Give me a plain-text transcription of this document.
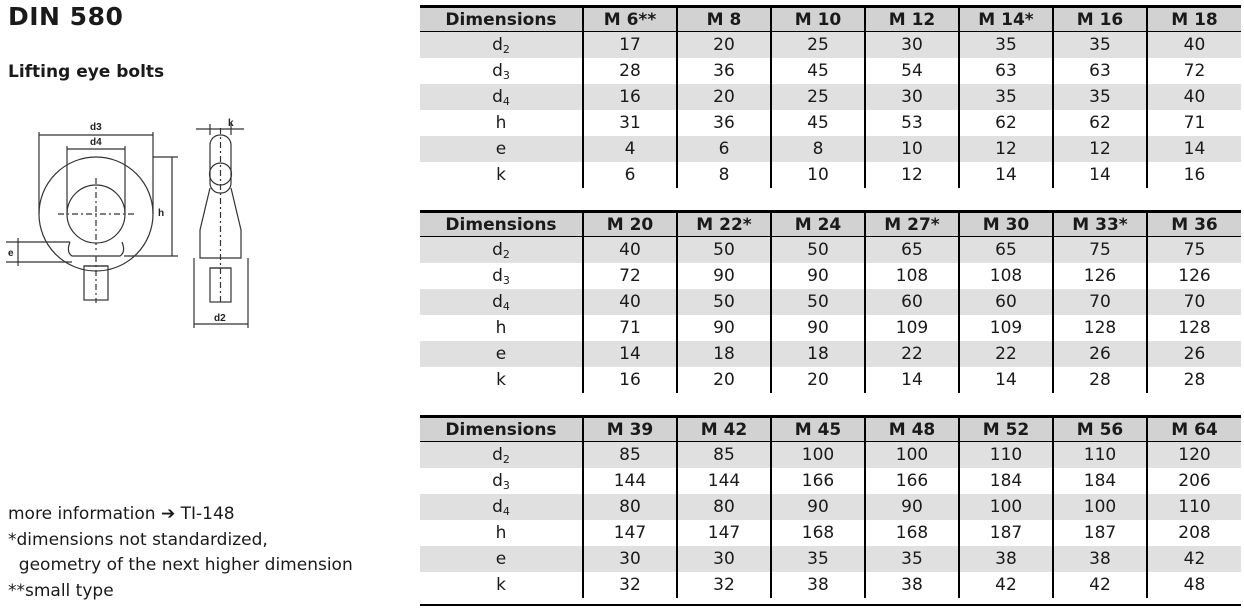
DIN 580
Lifting eye bolts
d3
d4
h
e
k
d2
more information ➔ TI-148
*dimensions not standardized,
geometry of the next higher dimension
**small type
Dimensions	M 6**	M 8	M 10	M 12	M 14*	M 16	M 18
$d_2$	17	20	25	30	35	35	40
$d_3$	28	36	45	54	63	63	72
$d_4$	16	20	25	30	35	35	40
h	31	36	45	53	62	62	71
e	4	6	8	10	12	12	14
k	6	8	10	12	14	14	16
Dimensions	M 20	M 22*	M 24	M 27*	M 30	M 33*	M 36
$d_2$	40	50	50	65	65	75	75
$d_3$	72	90	90	108	108	126	126
$d_4$	40	50	50	60	60	70	70
h	71	90	90	109	109	128	128
e	14	18	18	22	22	26	26
k	16	20	20	14	14	28	28
Dimensions	M 39	M 42	M 45	M 48	M 52	M 56	M 64
$d_2$	85	85	100	100	110	110	120
$d_3$	144	144	166	166	184	184	206
$d_4$	80	80	90	90	100	100	110
h	147	147	168	168	187	187	208
e	30	30	35	35	38	38	42
k	32	32	38	38	42	42	48
